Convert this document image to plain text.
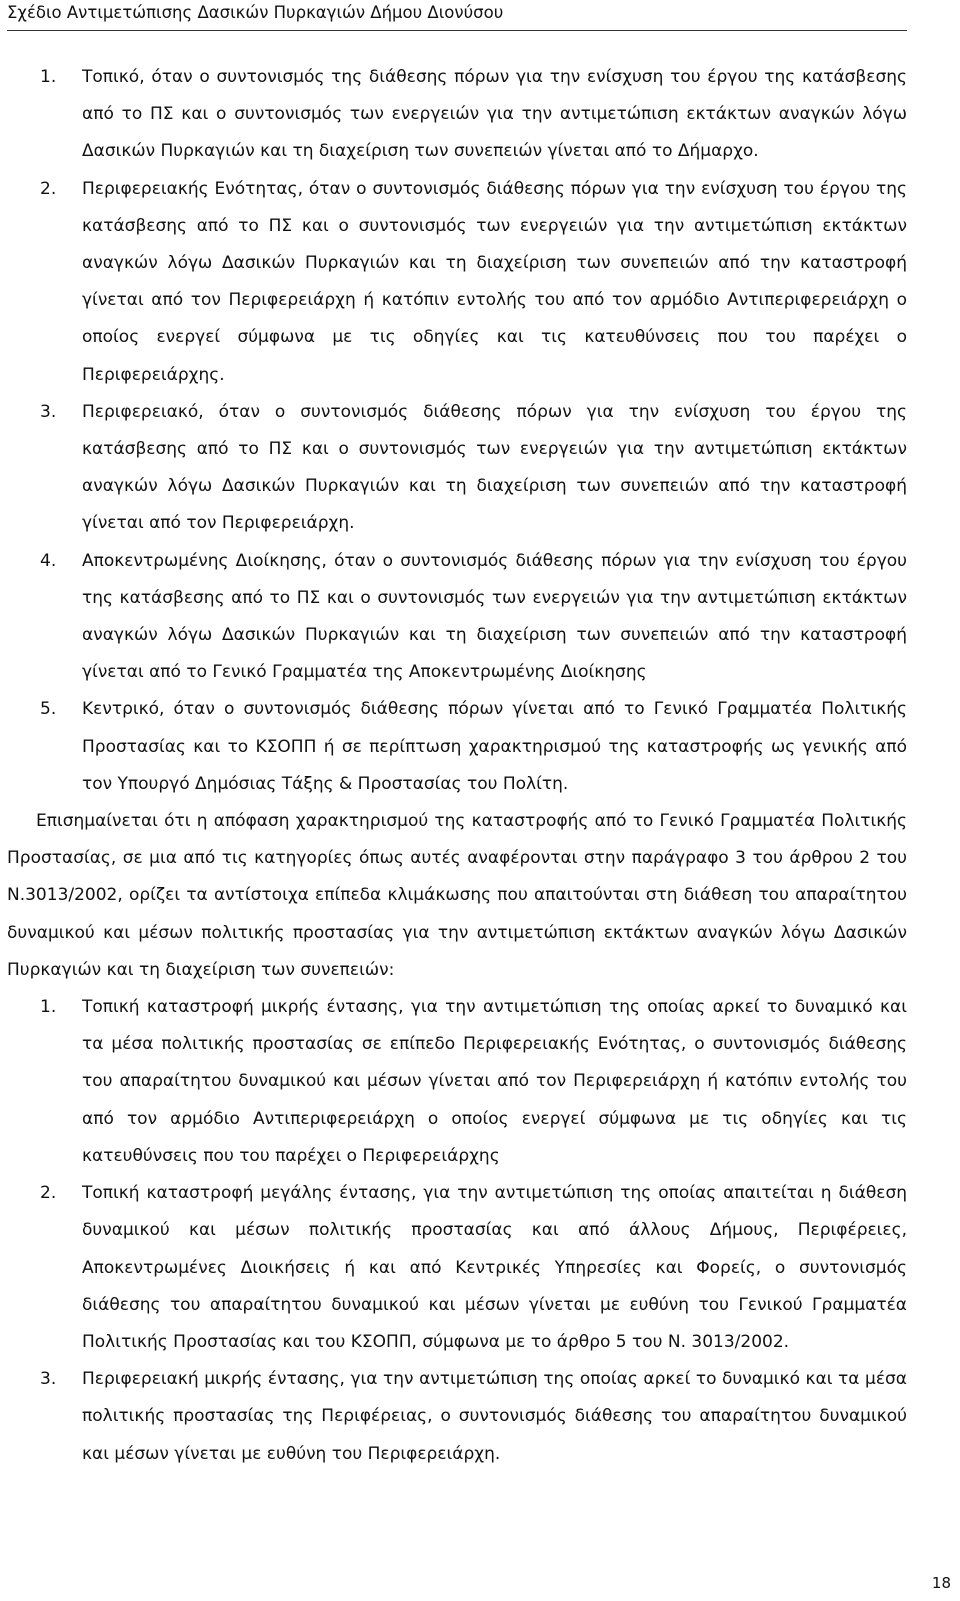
Σχέδιο Αντιμετώπισης Δασικών Πυρκαγιών Δήμου Διονύσου
1. Τοπικό, όταν ο συντονισμός της διάθεσης πόρων για την ενίσχυση του έργου της κατάσβεσης από το ΠΣ και ο συντονισμός των ενεργειών για την αντιμετώπιση εκτάκτων αναγκών λόγω Δασικών Πυρκαγιών και τη διαχείριση των συνεπειών γίνεται από το Δήμαρχο.

2. Περιφερειακής Ενότητας, όταν ο συντονισμός διάθεσης πόρων για την ενίσχυση του έργου της κατάσβεσης από το ΠΣ και ο συντονισμός των ενεργειών για την αντιμετώπιση εκτάκτων αναγκών λόγω Δασικών Πυρκαγιών και τη διαχείριση των συνεπειών από την καταστροφή γίνεται από τον Περιφερειάρχη ή κατόπιν εντολής του από τον αρμόδιο Αντιπεριφερειάρχη ο οποίος ενεργεί σύμφωνα με τις οδηγίες και τις κατευθύνσεις που του παρέχει ο Περιφερειάρχης.

3. Περιφερειακό, όταν ο συντονισμός διάθεσης πόρων για την ενίσχυση του έργου της κατάσβεσης από το ΠΣ και ο συντονισμός των ενεργειών για την αντιμετώπιση εκτάκτων αναγκών λόγω Δασικών Πυρκαγιών και τη διαχείριση των συνεπειών από την καταστροφή γίνεται από τον Περιφερειάρχη.

4. Αποκεντρωμένης Διοίκησης, όταν ο συντονισμός διάθεσης πόρων για την ενίσχυση του έργου της κατάσβεσης από το ΠΣ και ο συντονισμός των ενεργειών για την αντιμετώπιση εκτάκτων αναγκών λόγω Δασικών Πυρκαγιών και τη διαχείριση των συνεπειών από την καταστροφή γίνεται από το Γενικό Γραμματέα της Αποκεντρωμένης Διοίκησης

5. Κεντρικό, όταν ο συντονισμός διάθεσης πόρων γίνεται από το Γενικό Γραμματέα Πολιτικής Προστασίας και το ΚΣΟΠΠ ή σε περίπτωση χαρακτηρισμού της καταστροφής ως γενικής από τον Υπουργό Δημόσιας Τάξης & Προστασίας του Πολίτη.

Επισημαίνεται ότι η απόφαση χαρακτηρισμού της καταστροφής από το Γενικό Γραμματέα Πολιτικής Προστασίας, σε μια από τις κατηγορίες όπως αυτές αναφέρονται στην παράγραφο 3 του άρθρου 2 του Ν.3013/2002, ορίζει τα αντίστοιχα επίπεδα κλιμάκωσης που απαιτούνται στη διάθεση του απαραίτητου δυναμικού και μέσων πολιτικής προστασίας για την αντιμετώπιση εκτάκτων αναγκών λόγω Δασικών Πυρκαγιών και τη διαχείριση των συνεπειών:

1. Τοπική καταστροφή μικρής έντασης, για την αντιμετώπιση της οποίας αρκεί το δυναμικό και τα μέσα πολιτικής προστασίας σε επίπεδο Περιφερειακής Ενότητας, ο συντονισμός διάθεσης του απαραίτητου δυναμικού και μέσων γίνεται από τον Περιφερειάρχη ή κατόπιν εντολής του από τον αρμόδιο Αντιπεριφερειάρχη ο οποίος ενεργεί σύμφωνα με τις οδηγίες και τις κατευθύνσεις που του παρέχει ο Περιφερειάρχης

2. Τοπική καταστροφή μεγάλης έντασης, για την αντιμετώπιση της οποίας απαιτείται η διάθεση δυναμικού και μέσων πολιτικής προστασίας και από άλλους Δήμους, Περιφέρειες, Αποκεντρωμένες Διοικήσεις ή και από Κεντρικές Υπηρεσίες και Φορείς, ο συντονισμός διάθεσης του απαραίτητου δυναμικού και μέσων γίνεται με ευθύνη του Γενικού Γραμματέα Πολιτικής Προστασίας και του ΚΣΟΠΠ, σύμφωνα με το άρθρο 5 του Ν. 3013/2002.

3. Περιφερειακή μικρής έντασης, για την αντιμετώπιση της οποίας αρκεί το δυναμικό και τα μέσα πολιτικής προστασίας της Περιφέρειας, ο συντονισμός διάθεσης του απαραίτητου δυναμικού και μέσων γίνεται με ευθύνη του Περιφερειάρχη.

18
